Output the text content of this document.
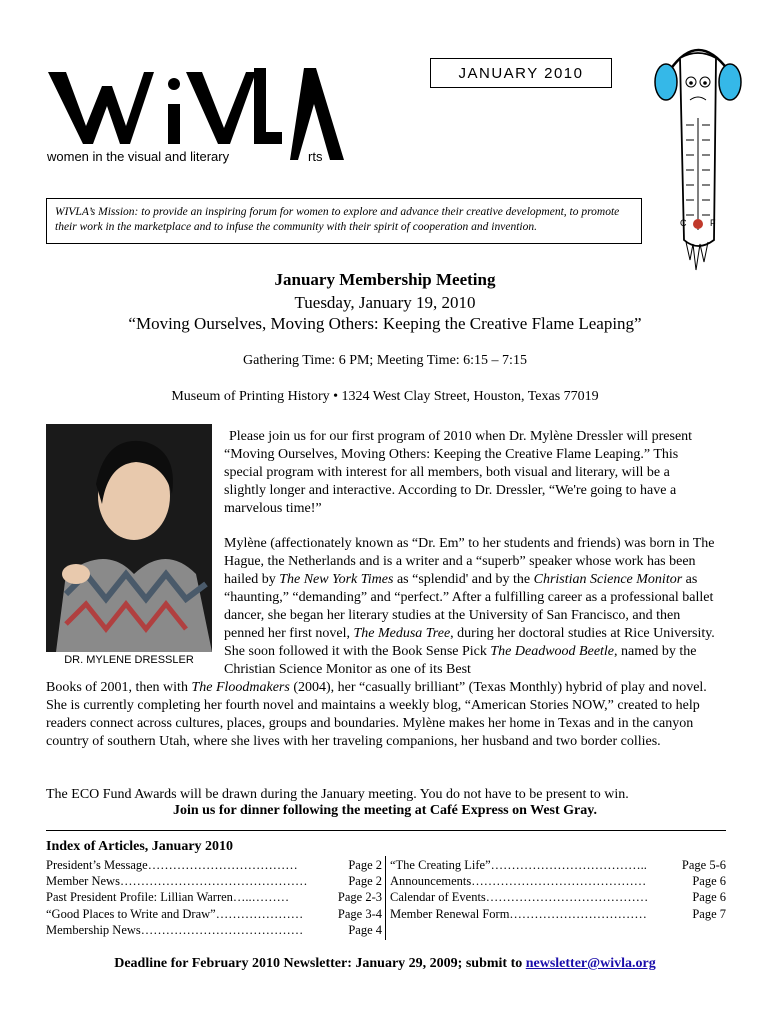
JANUARY 2010
women in the visual and literary	rts
C	F
WIVLA’s Mission: to provide an inspiring forum for women to explore and advance their creative development, to promote their work in the marketplace and to infuse the community with their spirit of cooperation and invention.
January Membership Meeting
Tuesday, January 19, 2010
“Moving Ourselves, Moving Others: Keeping the Creative Flame Leaping”
Gathering Time: 6 PM; Meeting Time: 6:15 – 7:15
Museum of Printing History • 1324 West Clay Street, Houston, Texas 77019
DR. MYLENE DRESSLER
Please join us for our first program of 2010 when Dr. Mylène Dressler will present “Moving Ourselves, Moving Others: Keeping the Creative Flame Leaping.” This special program with interest for all members, both visual and literary, will be a slightly longer and interactive. According to Dr. Dressler, “We're going to have a marvelous time!”
Mylène (affectionately known as “Dr. Em” to her students and friends) was born in The Hague, the Netherlands and is a writer and a “superb” speaker whose work has been hailed by The New York Times as “splendid' and by the Christian Science Monitor as “haunting,” “demanding” and “perfect.” After a fulfilling career as a professional ballet dancer, she began her literary studies at the University of San Francisco, and then penned her first novel, The Medusa Tree, during her doctoral studies at Rice University. She soon followed it with the Book Sense Pick The Deadwood Beetle, named by the Christian Science Monitor as one of its Best
Books of 2001, then with The Floodmakers (2004), her “casually brilliant” (Texas Monthly) hybrid of play and novel. She is currently completing her fourth novel and maintains a weekly blog, “American Stories NOW,” created to help readers connect across cultures, places, groups and boundaries. Mylène makes her home in Texas and in the canyon country of southern Utah, where she lives with her traveling companions, her husband and two border collies.
The ECO Fund Awards will be drawn during the January meeting. You do not have to be present to win.
Join us for dinner following the meeting at Café Express on West Gray.
Index of Articles, January 2010
President’s Message………………………………	Page 2
Member News………………………………………	Page 2
Past President Profile: Lillian Warren…..………	Page 2-3
“Good Places to Write and Draw”…………………	Page 3-4
Membership News…………………………………	Page 4
“The Creating Life”………………………………..	Page 5-6
Announcements……………………………………	Page 6
Calendar of Events…………………………………	Page 6
Member Renewal Form……………………………	Page 7
Deadline for February 2010 Newsletter: January 29, 2009; submit to newsletter@wivla.org
